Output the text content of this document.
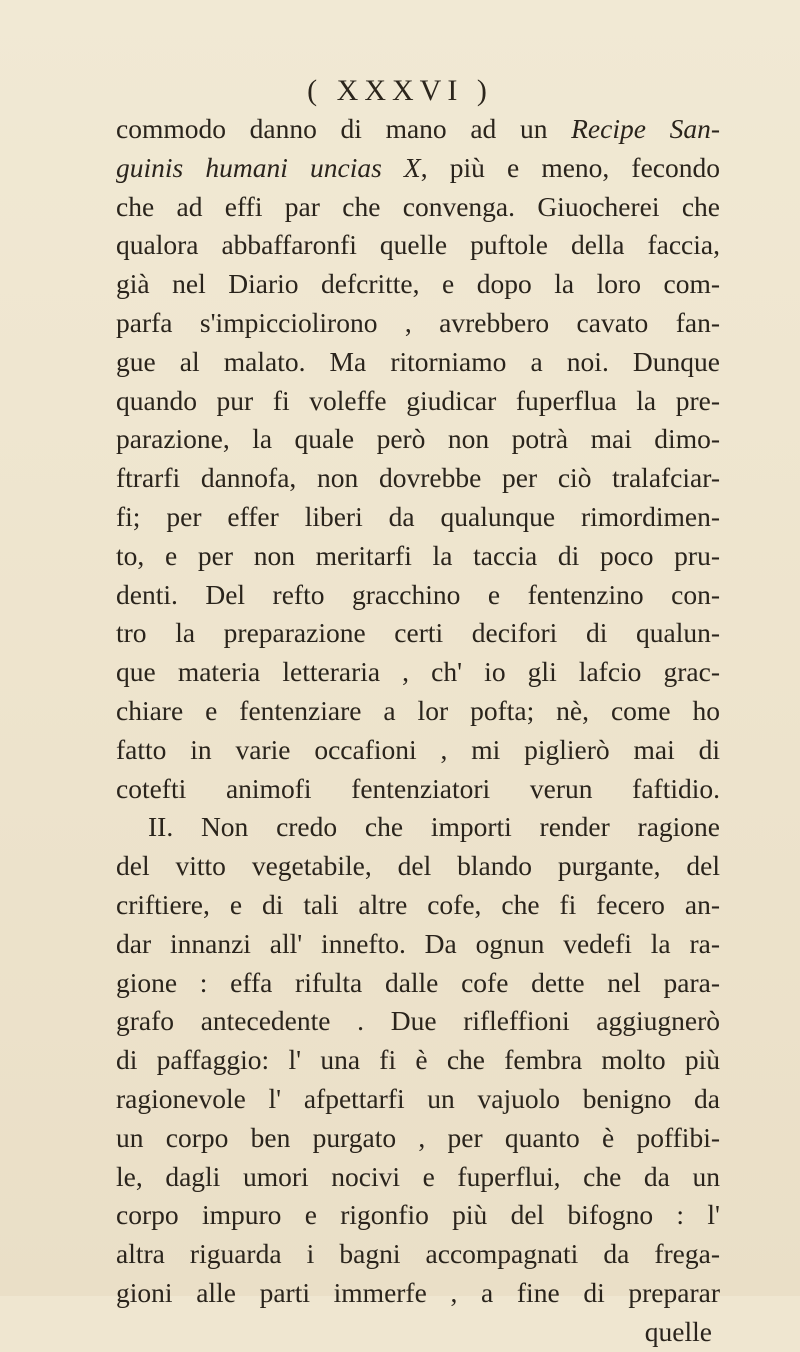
( XXXVI )
commodo danno di mano ad un Recipe San-
guinis humani uncias X, più e meno, fecondo
che ad effi par che convenga. Giuocherei che
qualora abbaffaronfi quelle puftole della faccia,
già nel Diario defcritte, e dopo la loro com-
parfa s'impicciolirono , avrebbero cavato fan-
gue al malato. Ma ritorniamo a noi. Dunque
quando pur fi voleffe giudicar fuperflua la pre-
parazione, la quale però non potrà mai dimo-
ftrarfi dannofa, non dovrebbe per ciò tralafciar-
fi; per effer liberi da qualunque rimordimen-
to, e per non meritarfi la taccia di poco pru-
denti. Del refto gracchino e fentenzino con-
tro la preparazione certi decifori di qualun-
que materia letteraria , ch' io gli lafcio grac-
chiare e fentenziare a lor pofta; nè, come ho
fatto in varie occafioni , mi piglierò mai di
cotefti animofi fentenziatori verun faftidio.
II. Non credo che importi render ragione
del vitto vegetabile, del blando purgante, del
criftiere, e di tali altre cofe, che fi fecero an-
dar innanzi all' innefto. Da ognun vedefi la ra-
gione : effa rifulta dalle cofe dette nel para-
grafo antecedente . Due rifleffioni aggiugnerò
di paffaggio: l' una fi è che fembra molto più
ragionevole l' afpettarfi un vajuolo benigno da
un corpo ben purgato , per quanto è poffibi-
le, dagli umori nocivi e fuperflui, che da un
corpo impuro e rigonfio più del bifogno : l'
altra riguarda i bagni accompagnati da frega-
gioni alle parti immerfe , a fine di preparar
quelle
